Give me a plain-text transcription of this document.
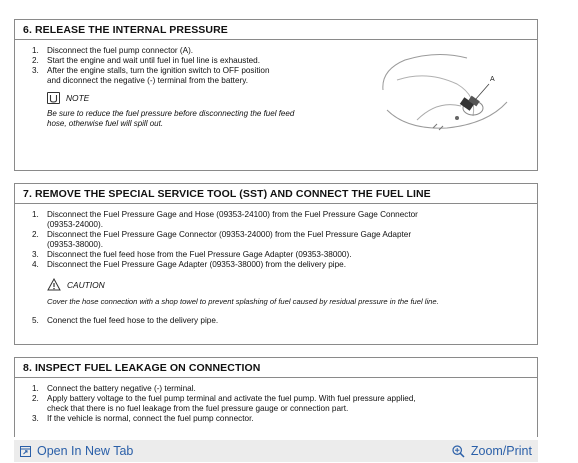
6. RELEASE THE INTERNAL PRESSURE
1. Disconnect the fuel pump connector (A).
2. Start the engine and wait until fuel in fuel line is exhausted.
3. After the engine stalls, turn the ignition switch to OFF position
and diconnect the negative (-) terminal from the battery.
NOTE
Be sure to reduce the fuel pressure before disconnecting the fuel feed
hose, otherwise fuel will spill out.
A
7. REMOVE THE SPECIAL SERVICE TOOL (SST) AND CONNECT THE FUEL LINE
1. Disconnect the Fuel Pressure Gage and Hose (09353-24100) from the Fuel Pressure Gage Connector
(09353-24000).
2. Disconnect the Fuel Pressure Gage Connector (09353-24000) from the Fuel Pressure Gage Adapter
(09353-38000).
3. Disconnect the fuel feed hose from the Fuel Pressure Gage Adapter (09353-38000).
4. Disconnect the Fuel Pressure Gage Adapter (09353-38000) from the delivery pipe.
CAUTION
Cover the hose connection with a shop towel to prevent splashing of fuel caused by residual pressure in the fuel line.
5. Conenct the fuel feed hose to the delivery pipe.
8. INSPECT FUEL LEAKAGE ON CONNECTION
1. Connect the battery negative (-) terminal.
2. Apply battery voltage to the fuel pump terminal and activate the fuel pump. With fuel pressure applied,
check that there is no fuel leakage from the fuel pressure gauge or connection part.
3. If the vehicle is normal, connect the fuel pump connector.
Open In New Tab	Zoom/Print
